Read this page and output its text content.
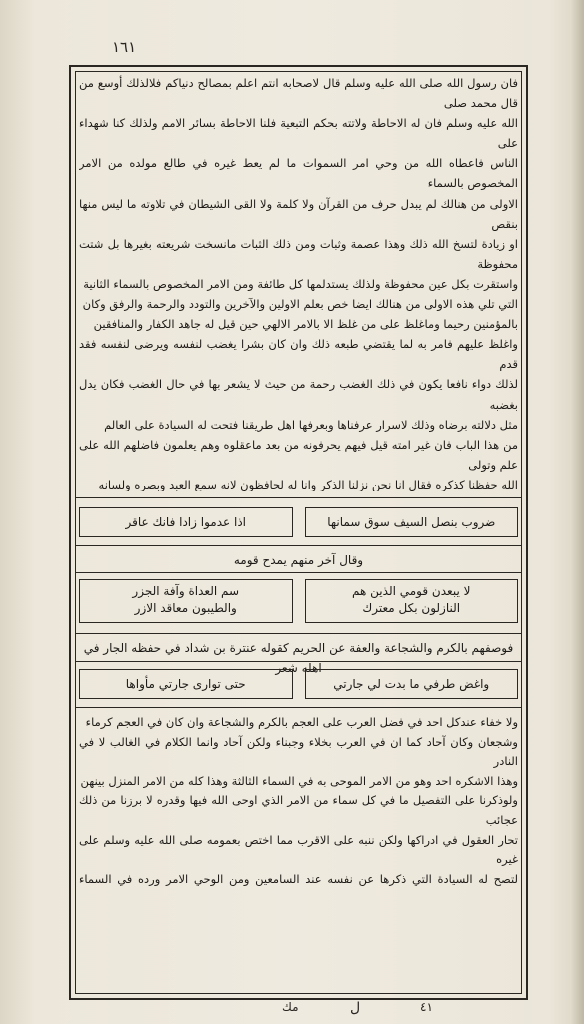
١٦١

فان رسول الله صلى الله عليه وسلم قال لاصحابه انتم اعلم بمصالح دنياكم فلالذلك أوسع من قال محمد صلى

الله عليه وسلم فان له الاحاطة ولاتته بحكم التبعية فلنا الاحاطة بسائر الامم ولذلك كنا شهداء على

الناس فاعطاه الله من وحي امر السموات ما لم يعط غيره في طالع مولده من الامر المخصوص بالسماء

الاولى من هنالك لم يبدل حرف من القرآن ولا كلمة ولا القى الشيطان في تلاوته ما ليس منها بنقص

او زيادة لتسخ الله ذلك وهذا عصمة وثبات ومن ذلك الثبات مانسخت شريعته بغيرها بل شتت محفوظة

واستقرت بكل عين محفوظة ولذلك يستدلمها كل طائفة ومن الامر المخصوص بالسماء الثانية

التي تلي هذه الاولى من هنالك ايضا خص بعلم الاولين والآخرين والتودد والرحمة والرفق وكان

بالمؤمنين رحيما وماغلظ على من غلظ الا بالامر الالهي حين قيل له جاهد الكفار والمنافقين

واغلظ عليهم فامر به لما يقتضي طبعه ذلك وان كان بشرا يغضب لنفسه ويرضى لنفسه فقد قدم

لذلك دواء نافعا يكون في ذلك الغضب رحمة من حيث لا يشعر بها في حال الغضب فكان يدل بغضبه

مثل دلالته برضاه وذلك لاسرار عرفناها وبعرفها اهل طريقنا فتحت له السيادة على العالم

من هذا الباب فان غير امته قيل فيهم يحرفونه من بعد ماعقلوه وهم يعلمون فاضلهم الله على علم وتولى

الله حفظنا كذكره فقال انا نحن نزلنا الذكر وانا له لحافظون لانه سمع العبد وبصره ولسانه

ضروب بنصل السيف سوق سمانها
اذا عدموا زادا فانك عاقر
وقال آخر منهم يمدح قومه
لا يبعدن قومي الذين هم
النازلون بكل معترك
سم العداة وآفة الجزر
والطيبون معاقد الازر
فوصفهم بالكرم والشجاعة والعفة عن الحريم كقوله عنترة بن شداد في حفظه الجار في اهله شعر
واغض طرفي ما بدت لي جارتي
حتى توارى جارتي مأواها

ولا خفاء عندكل احد في فضل العرب على العجم بالكرم والشجاعة وان كان في العجم كرماء

وشجعان وكان آحاد كما ان في العرب بخلاء وجبناء ولكن آحاد وانما الكلام في الغالب لا في النادر

وهذا الاشكره احد وهو من الامر الموحى به في السماء الثالثة وهذا كله من الامر المنزل بينهن

ولوذكرنا على التفصيل ما في كل سماء من الامر الذي اوحى الله فيها وقدره لا برزنا من ذلك عجائب

تحار العقول في ادراكها ولكن ننبه على الاقرب مما اختص بعمومه صلى الله عليه وسلم على غيره

لتصح له السيادة التي ذكرها عن نفسه عند السامعين ومن الوحي الامر ورده في السماء

مك	ل	٤١
